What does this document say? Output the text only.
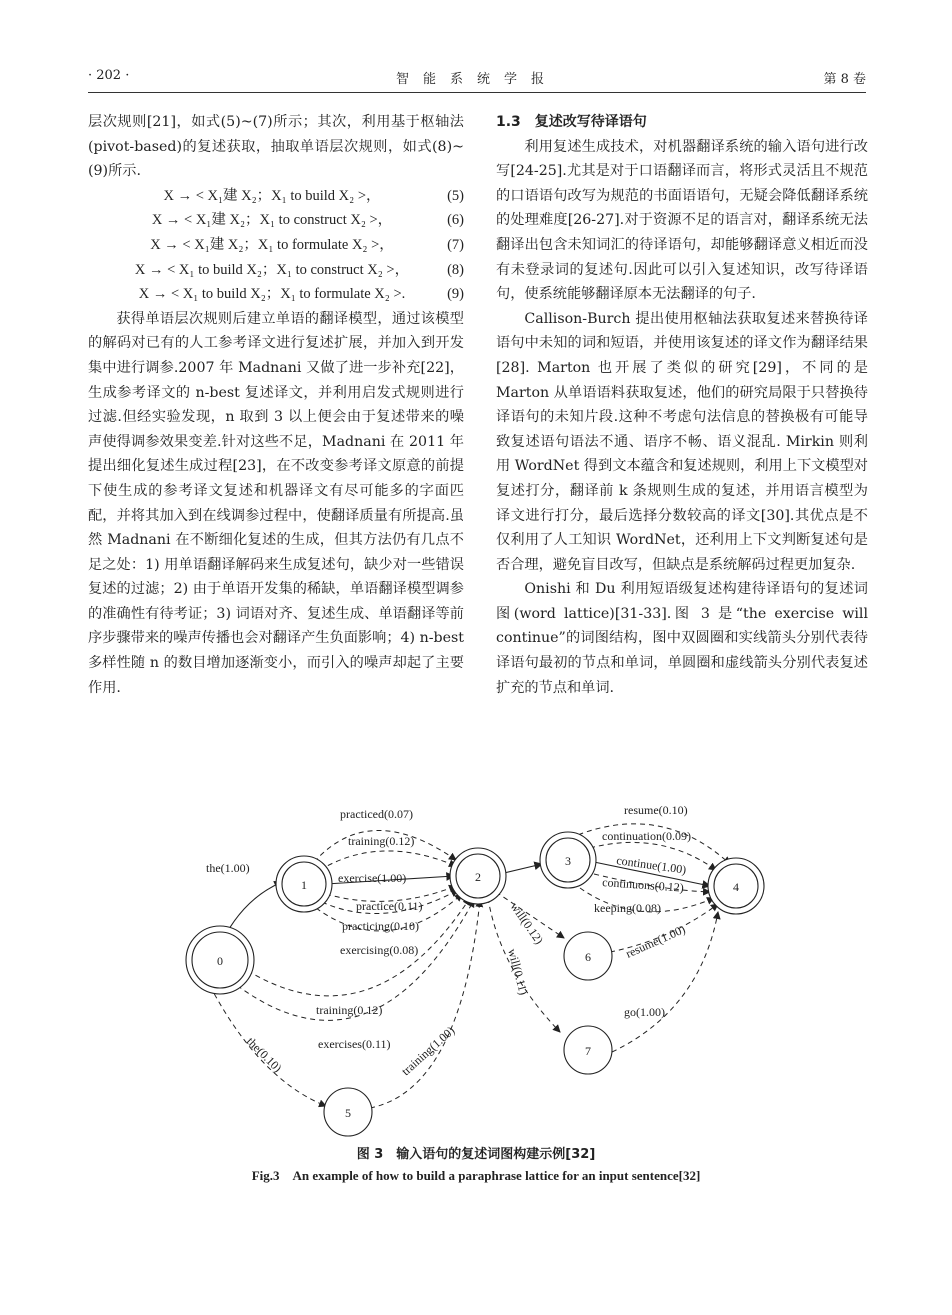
· 202 ·	智能系统学报	第 8 卷

层次规则[21]，如式(5)~(7)所示；其次，利用基于枢轴法(pivot-based)的复述获取，抽取单语层次规则，如式(8)~(9)所示.

X → < X₁建 X₂；X₁ to build X₂ >，	(5)
X → < X₁建 X₂；X₁ to construct X₂ >，	(6)
X → < X₁建 X₂；X₁ to formulate X₂ >，	(7)
X → < X₁ to build X₂；X₁ to construct X₂ >，	(8)
X → < X₁ to build X₂；X₁ to formulate X₂ >.	(9)

获得单语层次规则后建立单语的翻译模型，通过该模型的解码对已有的人工参考译文进行复述扩展，并加入到开发集中进行调参.2007 年 Madnani 又做了进一步补充[22]，生成参考译文的 n-best 复述译文，并利用启发式规则进行过滤.但经实验发现，n 取到 3 以上便会由于复述带来的噪声使得调参效果变差.针对这些不足，Madnani 在 2011 年提出细化复述生成过程[23]，在不改变参考译文原意的前提下使生成的参考译文复述和机器译文有尽可能多的字面匹配，并将其加入到在线调参过程中，使翻译质量有所提高.虽然 Madnani 在不断细化复述的生成，但其方法仍有几点不足之处：1) 用单语翻译解码来生成复述句，缺少对一些错误复述的过滤；2) 由于单语开发集的稀缺，单语翻译模型调参的准确性有待考证；3) 词语对齐、复述生成、单语翻译等前序步骤带来的噪声传播也会对翻译产生负面影响；4) n-best 多样性随 n 的数目增加逐渐变小，而引入的噪声却起了主要作用.

1.3　复述改写待译语句

利用复述生成技术，对机器翻译系统的输入语句进行改写[24-25].尤其是对于口语翻译而言，将形式灵活且不规范的口语语句改写为规范的书面语语句，无疑会降低翻译系统的处理难度[26-27].对于资源不足的语言对，翻译系统无法翻译出包含未知词汇的待译语句，却能够翻译意义相近而没有未登录词的复述句.因此可以引入复述知识，改写待译语句，使系统能够翻译原本无法翻译的句子.

Callison-Burch 提出使用枢轴法获取复述来替换待译语句中未知的词和短语，并使用该复述的译文作为翻译结果[28]. Marton 也开展了类似的研究[29]，不同的是 Marton 从单语语料获取复述，他们的研究局限于只替换待译语句的未知片段.这种不考虑句法信息的替换极有可能导致复述语句语法不通、语序不畅、语义混乱. Mirkin 则利用 WordNet 得到文本蕴含和复述规则，利用上下文模型对复述打分，翻译前 k 条规则生成的复述，并用语言模型为译文进行打分，最后选择分数较高的译文[30].其优点是不仅利用了人工知识 WordNet，还利用上下文判断复述句是否合理，避免盲目改写，但缺点是系统解码过程更加复杂.

Onishi 和 Du 利用短语级复述构建待译语句的复述词图(word lattice)[31-33].图 3 是“the exercise will continue”的词图结构，图中双圆圈和实线箭头分别代表待译语句最初的节点和单词，单圆圈和虚线箭头分别代表复述扩充的节点和单词.

0
1
2
3
4
5
6
7
the(1.00)
practiced(0.07)
training(0.12)
exercise(1.00)
practice(0.11)
practicing(0.10)
exercising(0.08)
training(0.12)
exercises(0.11)
the(0.10)	training(1.00)
will(0.12)
will(0.11)
resume(0.10)
continuation(0.09)
continue(1.00)
continuons(0.12)
keeping(0.08)
resume(1.00)
go(1.00)
图 3　输入语句的复述词图构建示例[32]
Fig.3　An example of how to build a paraphrase lattice for an input sentence[32]
